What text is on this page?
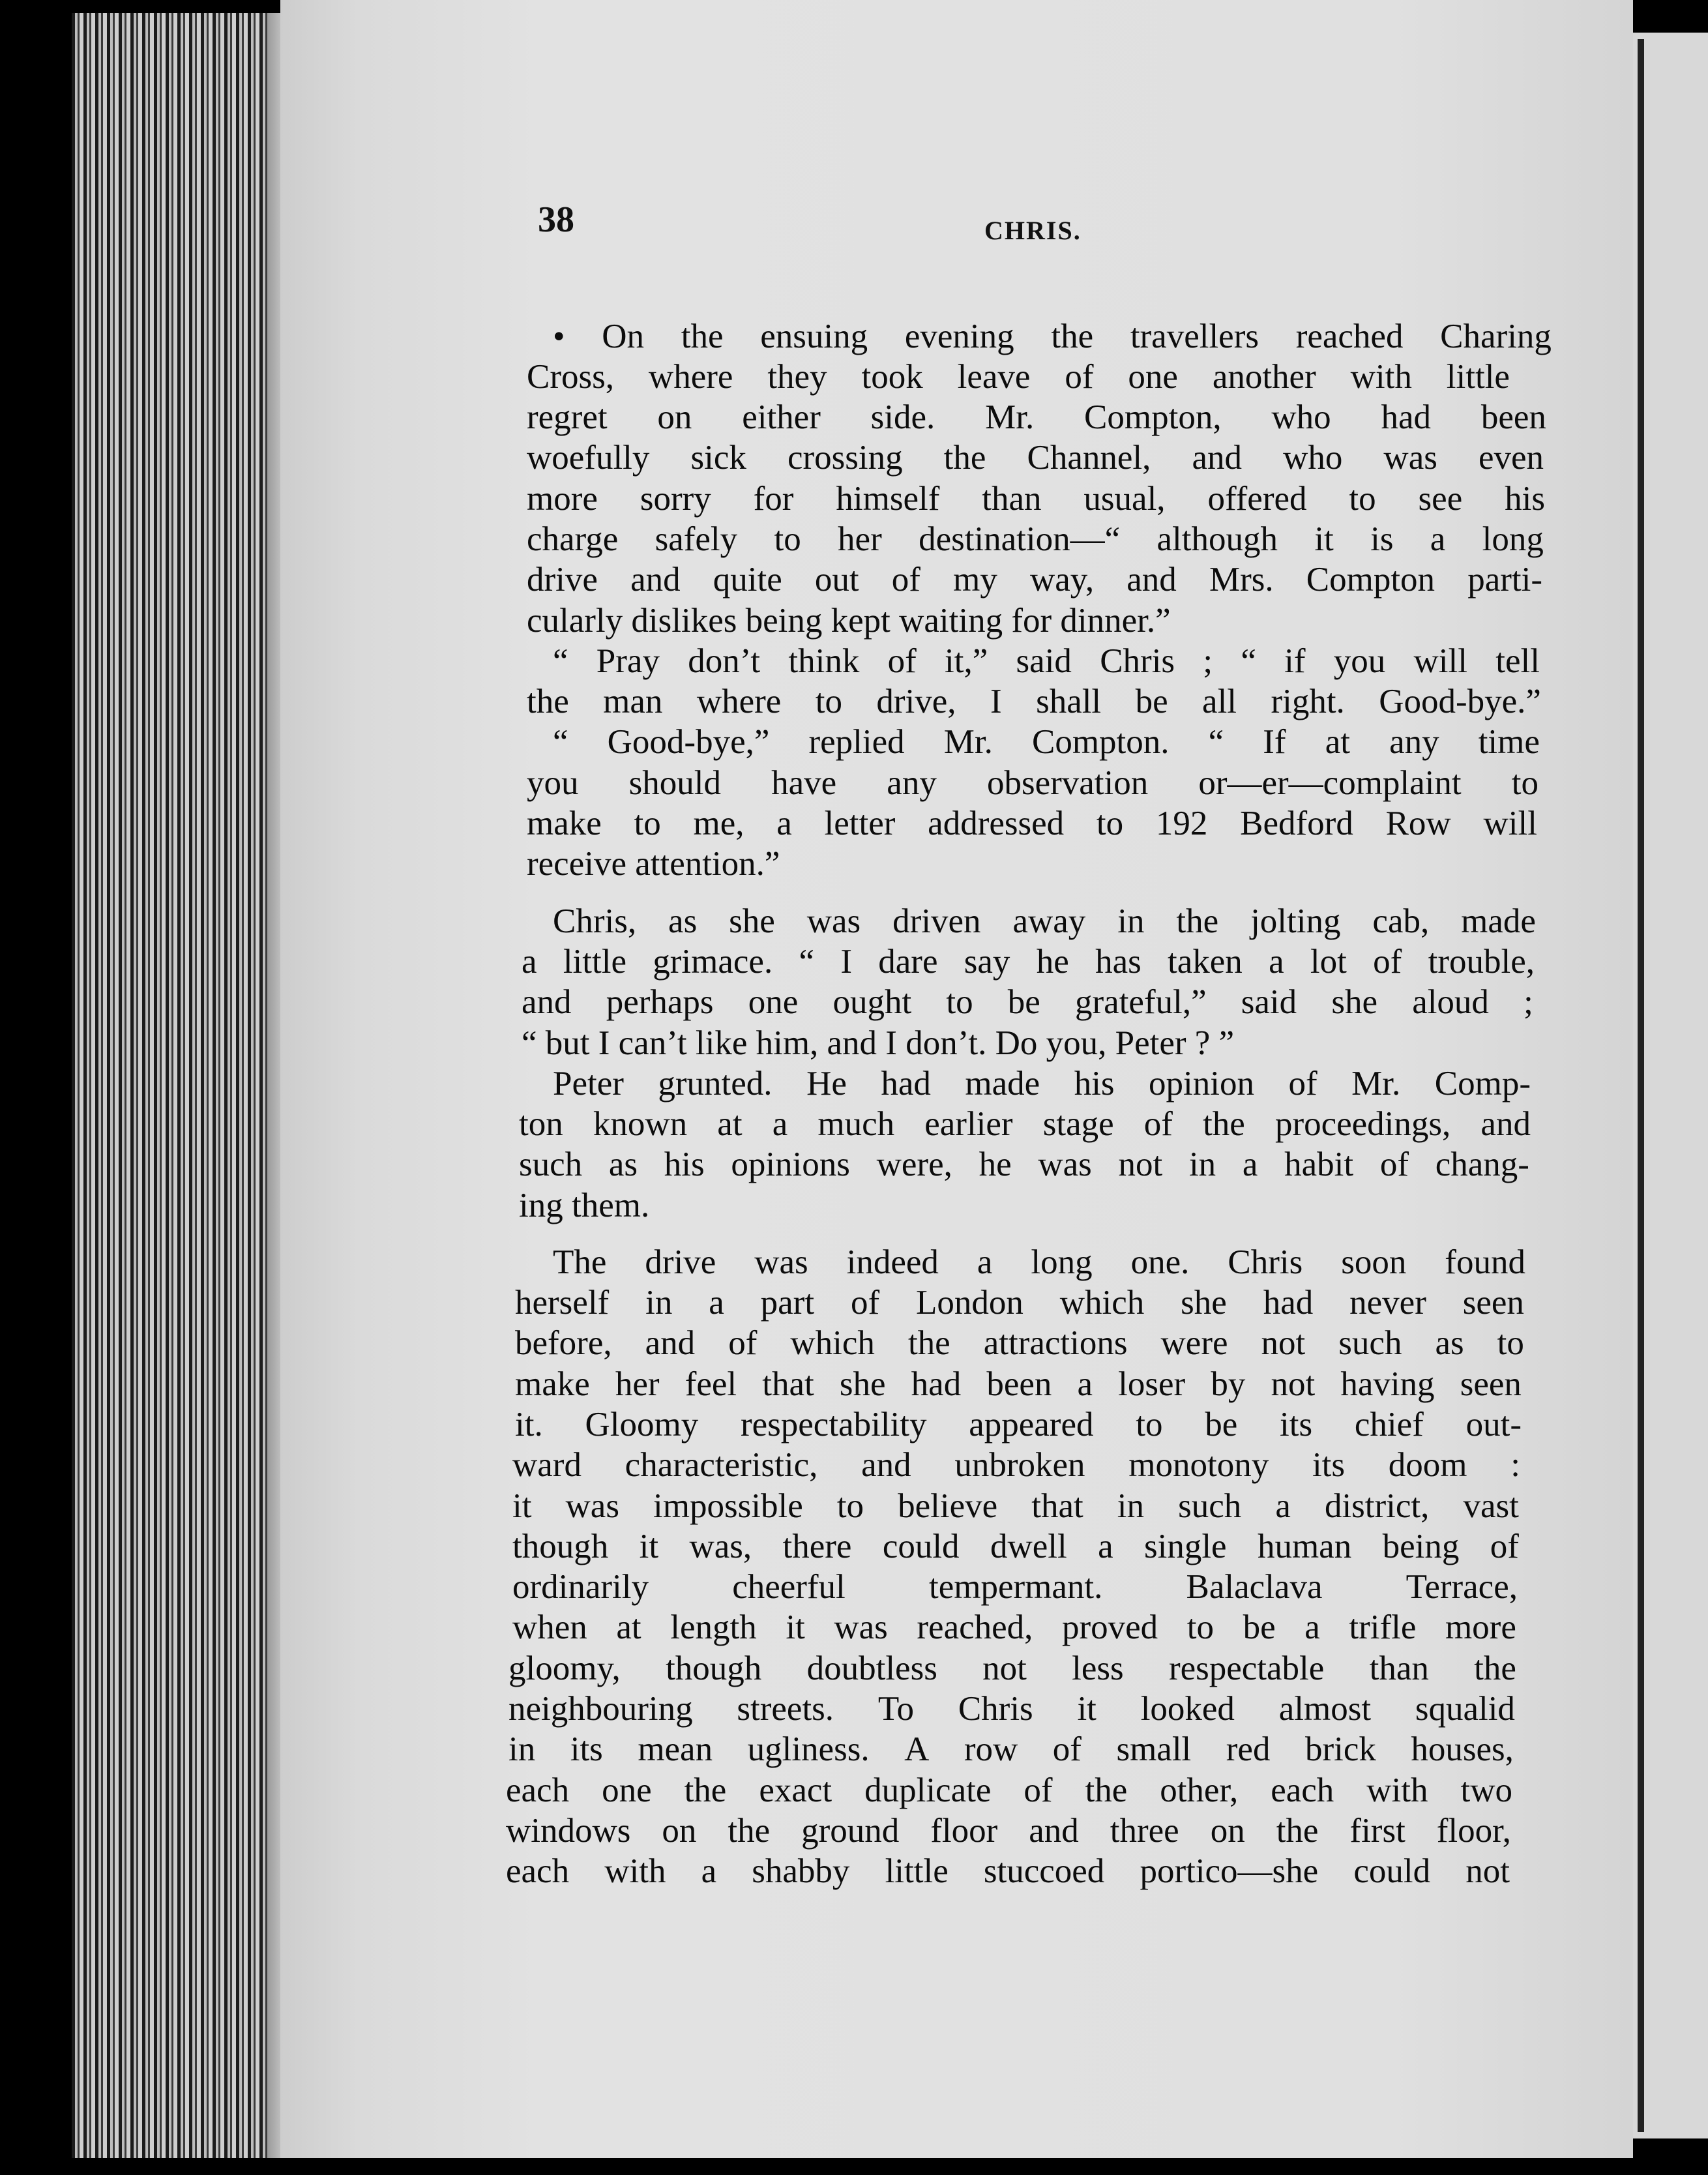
38	CHRIS.

• On the ensuing evening the travellers reached Charing
Cross, where they took leave of one another with little
regret on either side. Mr. Compton, who had been
woefully sick crossing the Channel, and who was even
more sorry for himself than usual, offered to see his
charge safely to her destination—“ although it is a long
drive and quite out of my way, and Mrs. Compton parti-
cularly dislikes being kept waiting for dinner.”
“ Pray don’t think of it,” said Chris ; “ if you will tell
the man where to drive, I shall be all right. Good-bye.”
“ Good-bye,” replied Mr. Compton. “ If at any time
you should have any observation or—er—complaint to
make to me, a letter addressed to 192 Bedford Row will
receive attention.”
Chris, as she was driven away in the jolting cab, made
a little grimace. “ I dare say he has taken a lot of trouble,
and perhaps one ought to be grateful,” said she aloud ;
“ but I can’t like him, and I don’t. Do you, Peter ? ”
Peter grunted. He had made his opinion of Mr. Comp-
ton known at a much earlier stage of the proceedings, and
such as his opinions were, he was not in a habit of chang-
ing them.
The drive was indeed a long one. Chris soon found
herself in a part of London which she had never seen
before, and of which the attractions were not such as to
make her feel that she had been a loser by not having seen
it. Gloomy respectability appeared to be its chief out-
ward characteristic, and unbroken monotony its doom :
it was impossible to believe that in such a district, vast
though it was, there could dwell a single human being of
ordinarily cheerful tempermant. Balaclava Terrace,
when at length it was reached, proved to be a trifle more
gloomy, though doubtless not less respectable than the
neighbouring streets. To Chris it looked almost squalid
in its mean ugliness. A row of small red brick houses,
each one the exact duplicate of the other, each with two
windows on the ground floor and three on the first floor,
each with a shabby little stuccoed portico—she could not
